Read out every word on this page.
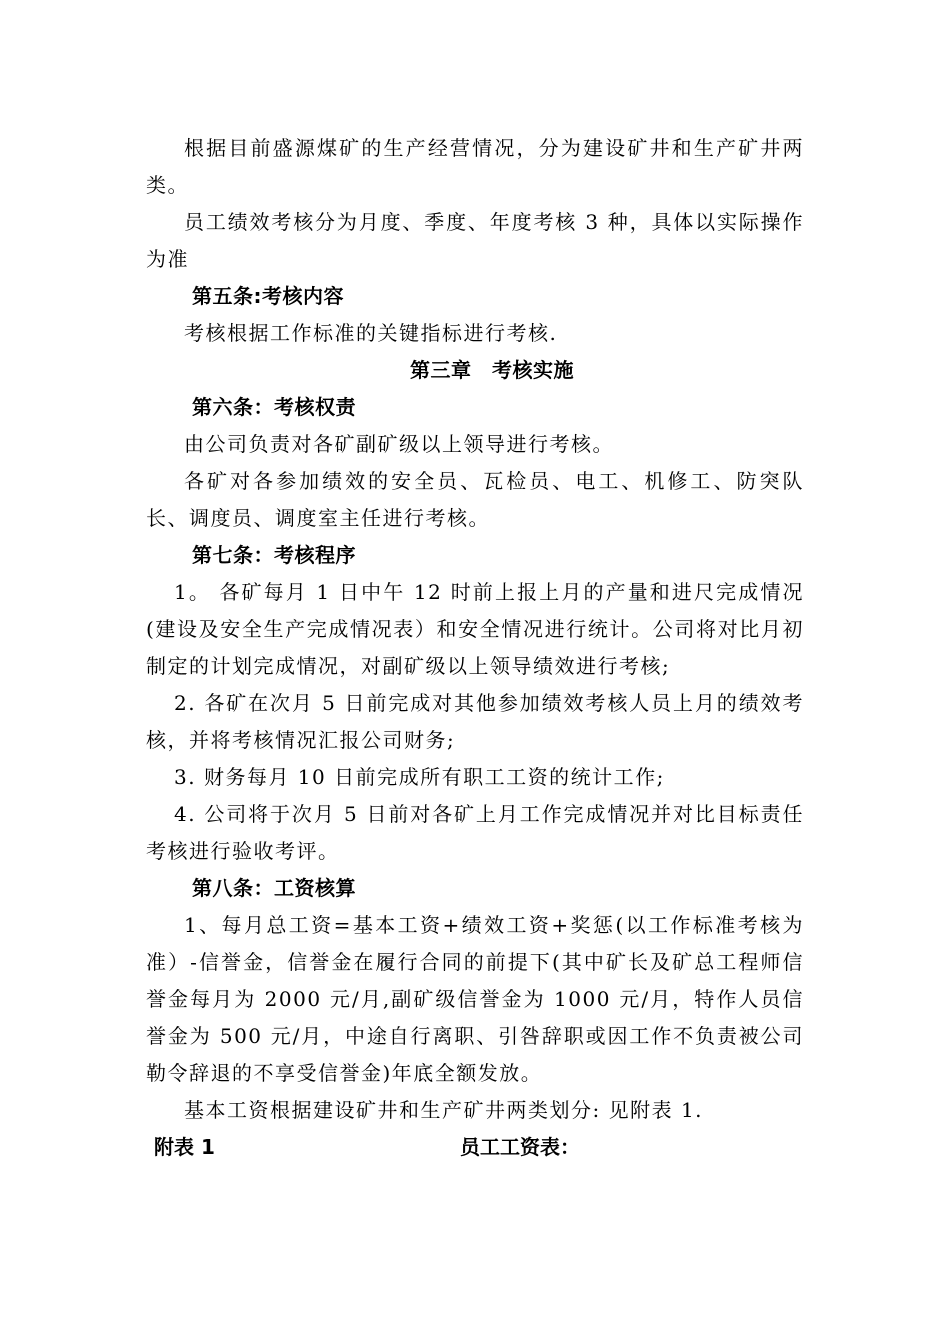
根据目前盛源煤矿的生产经营情况，分为建设矿井和生产矿井两类。

员工绩效考核分为月度、季度、年度考核 3 种，具体以实际操作为准

第五条:考核内容

考核根据工作标准的关键指标进行考核.

第三章　考核实施
第六条：考核权责

由公司负责对各矿副矿级以上领导进行考核。

各矿对各参加绩效的安全员、瓦检员、电工、机修工、防突队长、调度员、调度室主任进行考核。

第七条：考核程序

1。 各矿每月 1 日中午 12 时前上报上月的产量和进尺完成情况(建设及安全生产完成情况表）和安全情况进行统计。公司将对比月初制定的计划完成情况，对副矿级以上领导绩效进行考核;

2. 各矿在次月 5 日前完成对其他参加绩效考核人员上月的绩效考核，并将考核情况汇报公司财务;

3. 财务每月 10 日前完成所有职工工资的统计工作;

4. 公司将于次月 5 日前对各矿上月工作完成情况并对比目标责任考核进行验收考评。

第八条：工资核算

1、每月总工资=基本工资+绩效工资+奖惩(以工作标准考核为准）-信誉金，信誉金在履行合同的前提下(其中矿长及矿总工程师信誉金每月为 2000 元/月,副矿级信誉金为 1000 元/月，特作人员信誉金为 500 元/月，中途自行离职、引咎辞职或因工作不负责被公司勒令辞退的不享受信誉金)年底全额发放。

基本工资根据建设矿井和生产矿井两类划分: 见附表 1.

附表 1	员工工资表：
